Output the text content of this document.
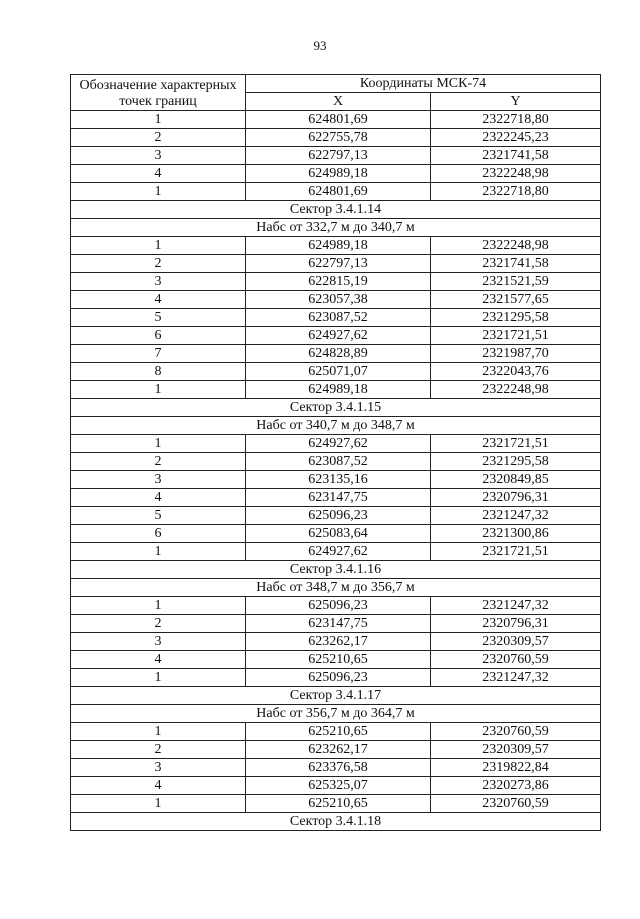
93
Обозначение характерных точек границ	Координаты МСК-74	
	X	Y
1	624801,69	2322718,80
2	622755,78	2322245,23
3	622797,13	2321741,58
4	624989,18	2322248,98
1	624801,69	2322718,80
Сектор 3.4.1.14		
Набс от 332,7 м до 340,7 м		
1	624989,18	2322248,98
2	622797,13	2321741,58
3	622815,19	2321521,59
4	623057,38	2321577,65
5	623087,52	2321295,58
6	624927,62	2321721,51
7	624828,89	2321987,70
8	625071,07	2322043,76
1	624989,18	2322248,98
Сектор 3.4.1.15		
Набс от 340,7 м до 348,7 м		
1	624927,62	2321721,51
2	623087,52	2321295,58
3	623135,16	2320849,85
4	623147,75	2320796,31
5	625096,23	2321247,32
6	625083,64	2321300,86
1	624927,62	2321721,51
Сектор 3.4.1.16		
Набс от 348,7 м до 356,7 м		
1	625096,23	2321247,32
2	623147,75	2320796,31
3	623262,17	2320309,57
4	625210,65	2320760,59
1	625096,23	2321247,32
Сектор 3.4.1.17		
Набс от 356,7 м до 364,7 м		
1	625210,65	2320760,59
2	623262,17	2320309,57
3	623376,58	2319822,84
4	625325,07	2320273,86
1	625210,65	2320760,59
Сектор 3.4.1.18		
